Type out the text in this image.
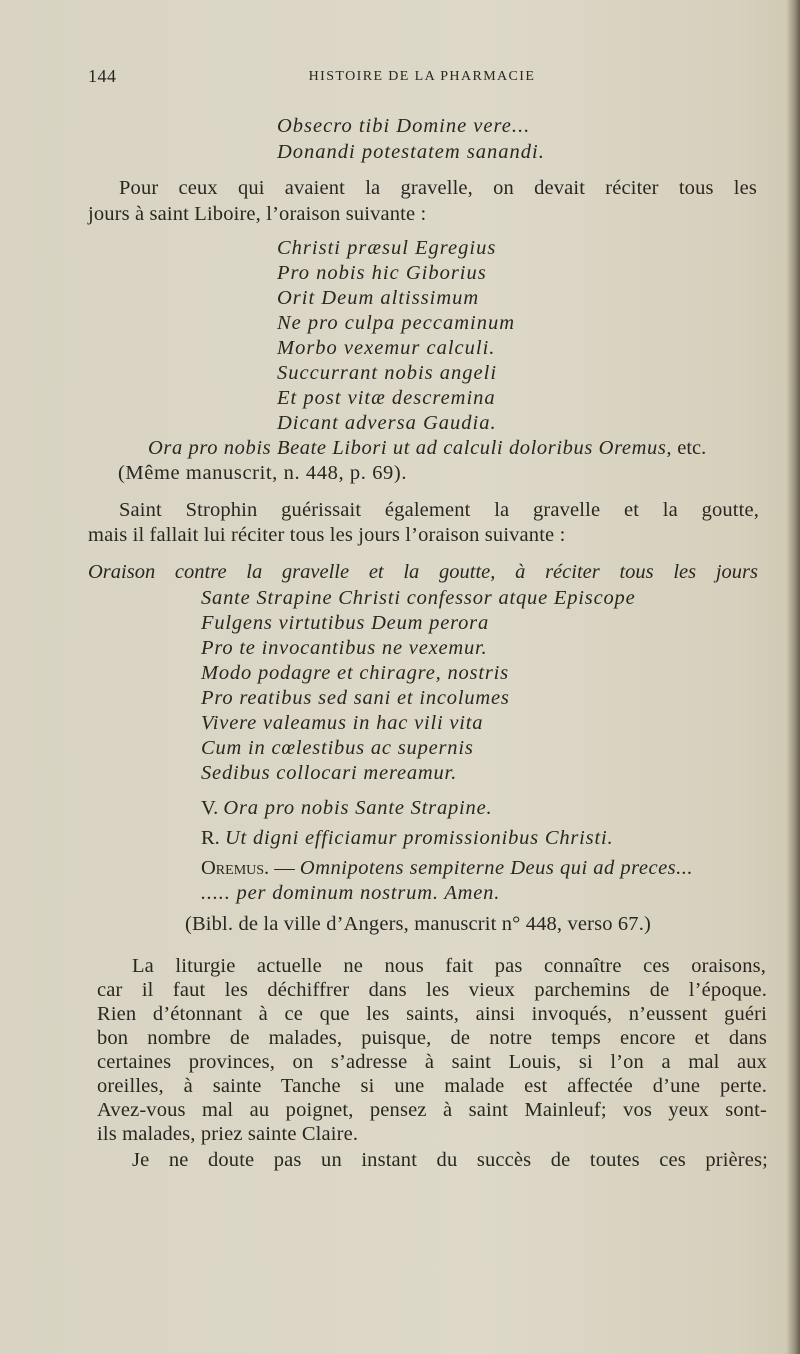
144	HISTOIRE DE LA PHARMACIE
Obsecro tibi Domine vere...
Donandi potestatem sanandi.
Pour ceux qui avaient la gravelle, on devait réciter tous les
jours à saint Liboire, l’oraison suivante :
Christi præsul Egregius
Pro nobis hic Giborius
Orit Deum altissimum
Ne pro culpa peccaminum
Morbo vexemur calculi.
Succurrant nobis angeli
Et post vitæ descremina
Dicant adversa Gaudia.
Ora pro nobis Beate Libori ut ad calculi doloribus Oremus, etc.
(Même manuscrit, n. 448, p. 69).
Saint Strophin guérissait également la gravelle et la goutte,
mais il fallait lui réciter tous les jours l’oraison suivante :
Oraison contre la gravelle et la goutte, à réciter tous les jours
Sante Strapine Christi confessor atque Episcope
Fulgens virtutibus Deum perora
Pro te invocantibus ne vexemur.
Modo podagre et chiragre, nostris
Pro reatibus sed sani et incolumes
Vivere valeamus in hac vili vita
Cum in cœlestibus ac supernis
Sedibus collocari mereamur.
V. Ora pro nobis Sante Strapine.
R. Ut digni efficiamur promissionibus Christi.
Oremus. — Omnipotens sempiterne Deus qui ad preces...
..... per dominum nostrum. Amen.
(Bibl. de la ville d’Angers, manuscrit n° 448, verso 67.)
La liturgie actuelle ne nous fait pas connaître ces oraisons,
car il faut les déchiffrer dans les vieux parchemins de l’époque.
Rien d’étonnant à ce que les saints, ainsi invoqués, n’eussent guéri
bon nombre de malades, puisque, de notre temps encore et dans
certaines provinces, on s’adresse à saint Louis, si l’on a mal aux
oreilles, à sainte Tanche si une malade est affectée d’une perte.
Avez-vous mal au poignet, pensez à saint Mainleuf; vos yeux sont-
ils malades, priez sainte Claire.
Je ne doute pas un instant du succès de toutes ces prières;
